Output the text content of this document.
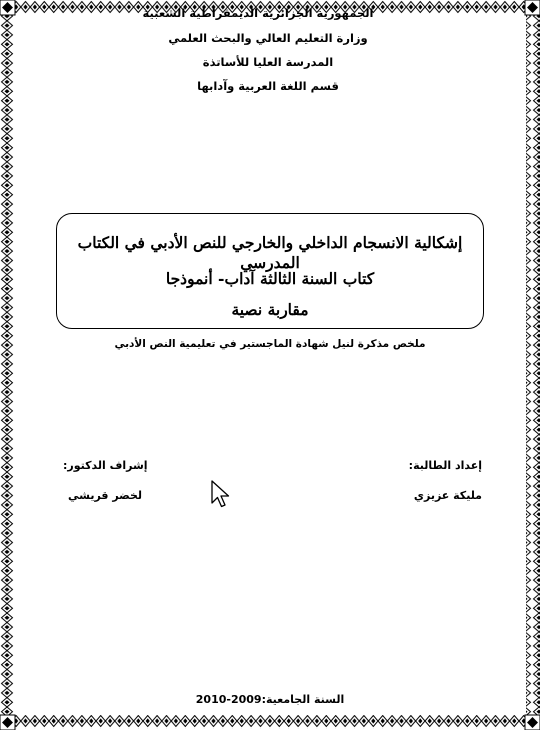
الجمهورية الجزائرية الديمقراطية الشعبية
وزارة التعليم العالي والبحث العلمي
المدرسة العليا للأساتذة
قسم اللغة العربية وآدابها
إشكالية الانسجام الداخلي والخارجي للنص الأدبي في الكتاب المدرسي
كتاب السنة الثالثة آداب- أنموذجا
مقاربة نصية
ملخص مذكرة لنيل شهادة الماجستير في تعليمية النص الأدبي
إعداد الطالبة:
مليكة عزيزي
إشراف الدكتور:
لخضر قريشي
السنة الجامعية:2009-2010
